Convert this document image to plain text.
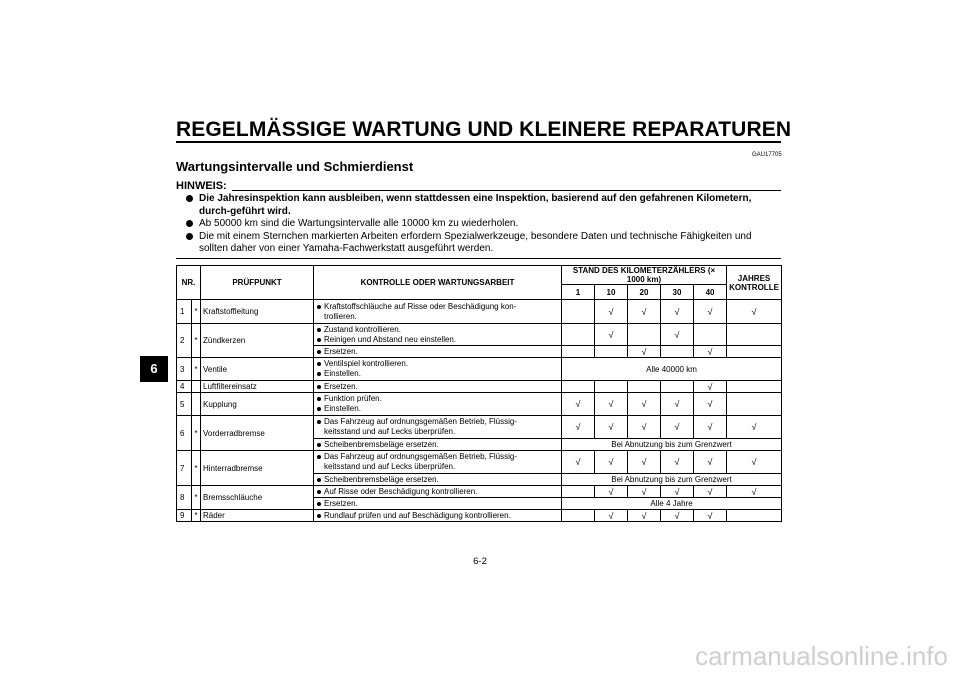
REGELMÄSSIGE WARTUNG UND KLEINERE REPARATUREN
GAU17705
Wartungsintervalle und Schmierdienst
HINWEIS:
Die Jahresinspektion kann ausbleiben, wenn stattdessen eine Inspektion, basierend auf den gefahrenen Kilometern, durch-geführt wird.
Ab 50000 km sind die Wartungsintervalle alle 10000 km zu wiederholen.
Die mit einem Sternchen markierten Arbeiten erfordern Spezialwerkzeuge, besondere Daten und technische Fähigkeiten und sollten daher von einer Yamaha-Fachwerkstatt ausgeführt werden.
6
NR.		PRÜFPUNKT	KONTROLLE ODER WARTUNGSARBEIT	STAND DES KILOMETERZÄHLERS (× 1000 km)					JAHRES KONTROLLE
				1	10	20	30	40	
1	*	Kraftstoffleitung	Kraftstoffschläuche auf Risse oder Beschädigung kon-
trollieren.		√	√	√	√	√
2	*	Zündkerzen	Zustand kontrollieren.
Reinigen und Abstand neu einstellen.		√		√		

Ersetzen.			√		√	
3	*	Ventile	Ventilspiel kontrollieren.
Einstellen.	Alle 40000 km					
4		Luftfiltereinsatz	Ersetzen.					√	
5		Kupplung	Funktion prüfen.
Einstellen.	√	√	√	√	√	
6	*	Vorderradbremse	Das Fahrzeug auf ordnungsgemäßen Betrieb, Flüssig-
keitsstand und auf Lecks überprüfen.	√	√	√	√	√	√

Scheibenbremsbeläge ersetzen.	Bei Abnutzung bis zum Grenzwert					
7	*	Hinterradbremse	Das Fahrzeug auf ordnungsgemäßen Betrieb, Flüssig-
keitsstand und auf Lecks überprüfen.	√	√	√	√	√	√

Scheibenbremsbeläge ersetzen.	Bei Abnutzung bis zum Grenzwert					
8	*	Bremsschläuche	Auf Risse oder Beschädigung kontrollieren.		√	√	√	√	√

Ersetzen.	Alle 4 Jahre					
9	*	Räder	Rundlauf prüfen und auf Beschädigung kontrollieren.		√	√	√	√	
6-2
carmanualsonline.info
